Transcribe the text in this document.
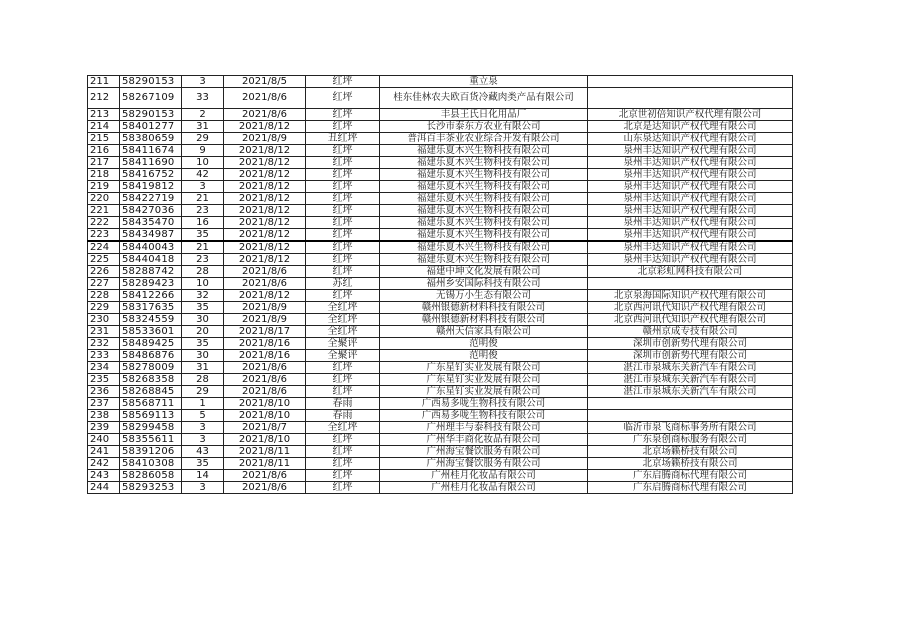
211	58290153	3	2021/8/5	红坪	重立泉	
212	58267109	33	2021/8/6	红坪	桂东佳林农夫欧百货冷藏肉类产品有限公司	
213	58290153	2	2021/8/6	红坪	丰县王氏日化用品厂	北京世初倍知识产权代理有限公司
214	58401277	31	2021/8/12	红坪	长沙市泰东方农业有限公司	北京是达知识产权代理有限公司
215	58380659	29	2021/8/9	丑红坪	普洱百丰茶业农业综合开发有限公司	山东泉达知识产权代理有限公司
216	58411674	9	2021/8/12	红坪	福建乐夏木兴生物科技有限公司	泉州丰达知识产权代理有限公司
217	58411690	10	2021/8/12	红坪	福建乐夏木兴生物科技有限公司	泉州丰达知识产权代理有限公司
218	58416752	42	2021/8/12	红坪	福建乐夏木兴生物科技有限公司	泉州丰达知识产权代理有限公司
219	58419812	3	2021/8/12	红坪	福建乐夏木兴生物科技有限公司	泉州丰达知识产权代理有限公司
220	58422719	21	2021/8/12	红坪	福建乐夏木兴生物科技有限公司	泉州丰达知识产权代理有限公司
221	58427036	23	2021/8/12	红坪	福建乐夏木兴生物科技有限公司	泉州丰达知识产权代理有限公司
222	58435470	16	2021/8/12	红坪	福建乐夏木兴生物科技有限公司	泉州丰达知识产权代理有限公司
223	58434987	35	2021/8/12	红坪	福建乐夏木兴生物科技有限公司	泉州丰达知识产权代理有限公司
224	58440043	21	2021/8/12	红坪	福建乐夏木兴生物科技有限公司	泉州丰达知识产权代理有限公司
225	58440418	23	2021/8/12	红坪	福建乐夏木兴生物科技有限公司	泉州丰达知识产权代理有限公司
226	58288742	28	2021/8/6	红坪	福建中坤文化发展有限公司	北京彩虹网科技有限公司
227	58289423	10	2021/8/6	苏红	福州乡安国际科技有限公司	
228	58412266	32	2021/8/12	红坪	无锡万小生态有限公司	北京泉海国际知识产权代理有限公司
229	58317635	35	2021/8/9	全红坪	赣州银德新材料科技有限公司	北京西河讯代知识产权代理有限公司
230	58324559	30	2021/8/9	全红坪	赣州银德新材料科技有限公司	北京西河讯代知识产权代理有限公司
231	58533601	20	2021/8/17	全红坪	赣州天信家具有限公司	赣州京成专技有限公司
232	58489425	35	2021/8/16	全聚评	范明俊	深圳市创新势代理有限公司
233	58486876	30	2021/8/16	全聚评	范明俊	深圳市创新势代理有限公司
234	58278009	31	2021/8/6	红坪	广东星钉实业发展有限公司	湛江市泉城东关新汽车有限公司
235	58268358	28	2021/8/6	红坪	广东星钉实业发展有限公司	湛江市泉城东关新汽车有限公司
236	58268845	29	2021/8/6	红坪	广东星钉实业发展有限公司	湛江市泉城东关新汽车有限公司
237	58568711	1	2021/8/10	春雨	广西易多咙生物科技有限公司	
238	58569113	5	2021/8/10	春雨	广西易多咙生物科技有限公司	
239	58299458	3	2021/8/7	全红坪	广州理丰与泰科技有限公司	临沂市泉飞商标事务所有限公司
240	58355611	3	2021/8/10	红坪	广州华丰商化妆品有限公司	广东泉创商标服务有限公司
241	58391206	43	2021/8/11	红坪	广州海宝餐饮服务有限公司	北京场籁桥技有限公司
242	58410308	35	2021/8/11	红坪	广州海宝餐饮服务有限公司	北京场籁桥技有限公司
243	58286058	14	2021/8/6	红坪	广州桂月化妆品有限公司	广东启腾商标代理有限公司
244	58293253	3	2021/8/6	红坪	广州桂月化妆品有限公司	广东启腾商标代理有限公司
